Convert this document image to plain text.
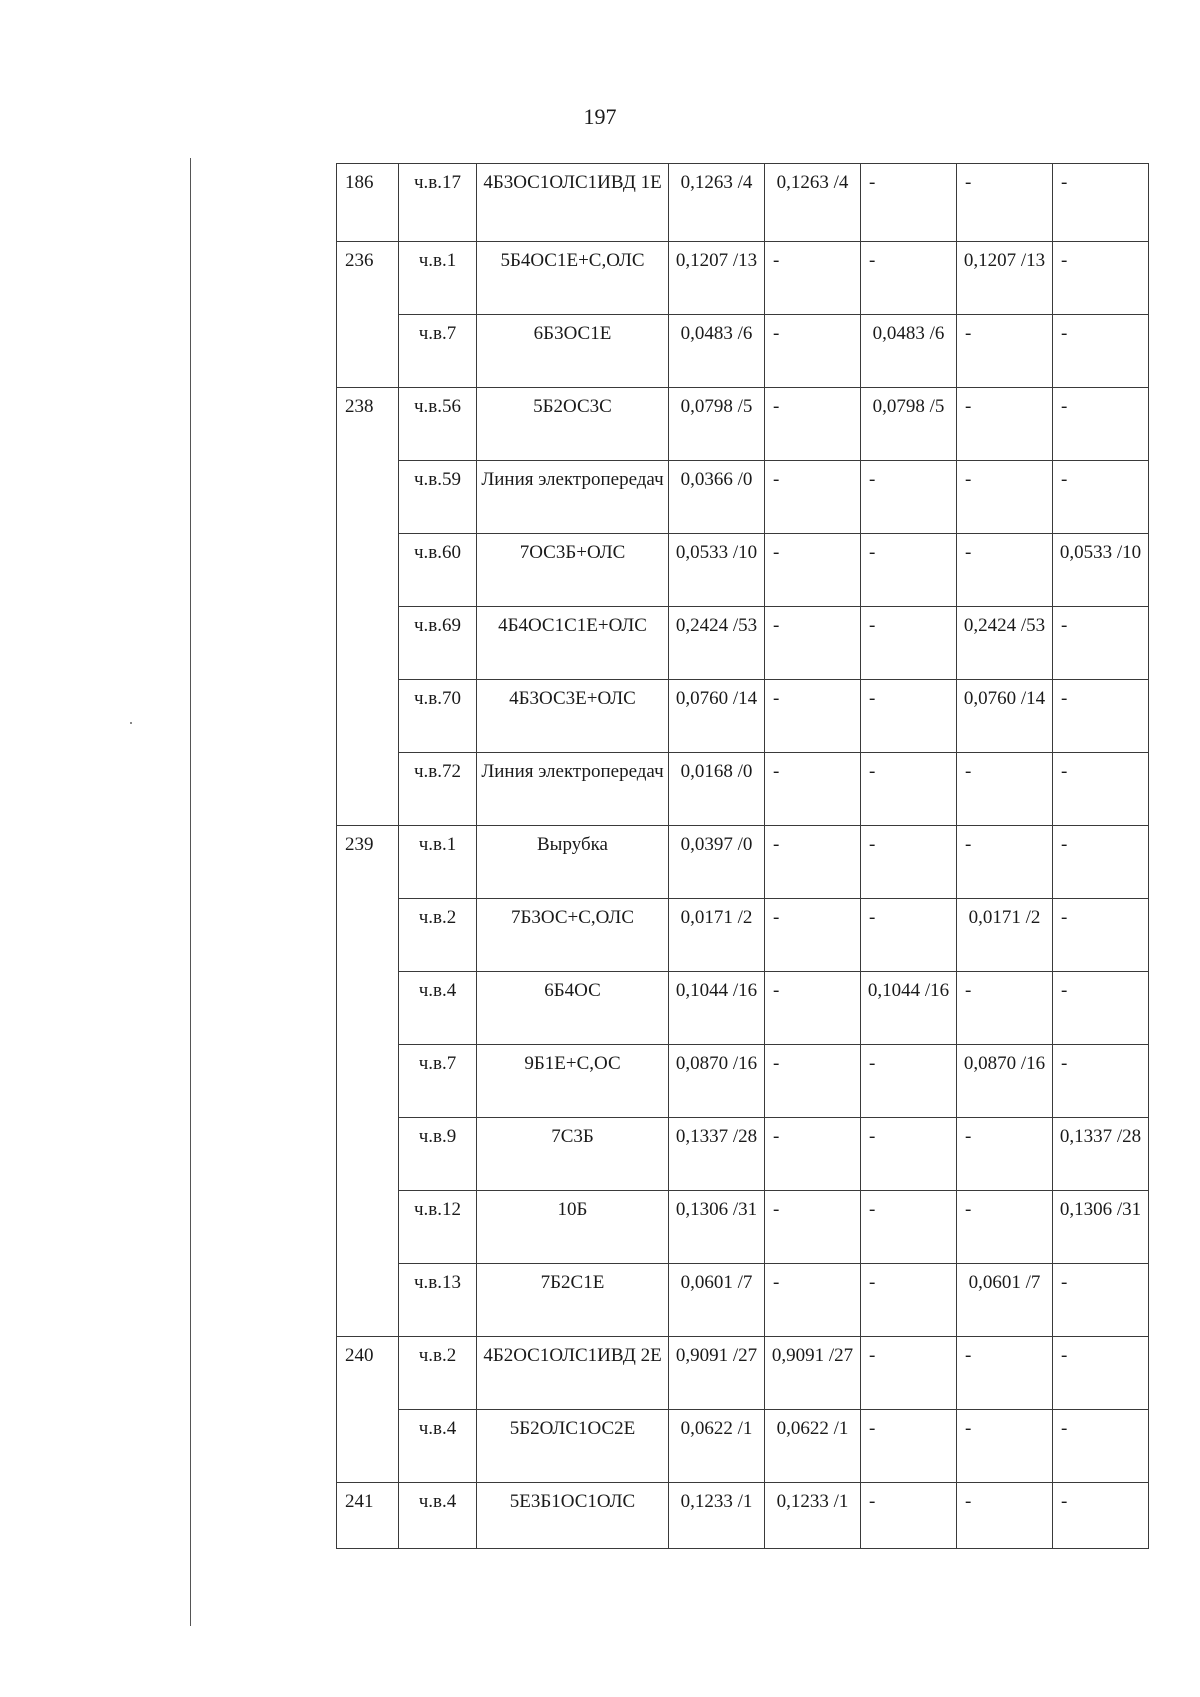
197
186	ч.в.17	4Б3ОС1ОЛС1ИВД 1Е	0,1263 /4	0,1263 /4	-	-	-
236	ч.в.1	5Б4ОС1Е+С,ОЛС	0,1207 /13	-	-	0,1207 /13	-
	ч.в.7	6Б3ОС1Е	0,0483 /6	-	0,0483 /6	-	-
238	ч.в.56	5Б2ОС3С	0,0798 /5	-	0,0798 /5	-	-
	ч.в.59	Линия электропередач	0,0366 /0	-	-	-	-
	ч.в.60	7ОС3Б+ОЛС	0,0533 /10	-	-	-	0,0533 /10
	ч.в.69	4Б4ОС1С1Е+ОЛС	0,2424 /53	-	-	0,2424 /53	-
	ч.в.70	4Б3ОС3Е+ОЛС	0,0760 /14	-	-	0,0760 /14	-
	ч.в.72	Линия электропередач	0,0168 /0	-	-	-	-
239	ч.в.1	Вырубка	0,0397 /0	-	-	-	-
	ч.в.2	7Б3ОС+С,ОЛС	0,0171 /2	-	-	0,0171 /2	-
	ч.в.4	6Б4ОС	0,1044 /16	-	0,1044 /16	-	-
	ч.в.7	9Б1Е+С,ОС	0,0870 /16	-	-	0,0870 /16	-
	ч.в.9	7С3Б	0,1337 /28	-	-	-	0,1337 /28
	ч.в.12	10Б	0,1306 /31	-	-	-	0,1306 /31
	ч.в.13	7Б2С1Е	0,0601 /7	-	-	0,0601 /7	-
240	ч.в.2	4Б2ОС1ОЛС1ИВД 2Е	0,9091 /27	0,9091 /27	-	-	-
	ч.в.4	5Б2ОЛС1ОС2Е	0,0622 /1	0,0622 /1	-	-	-
241	ч.в.4	5Е3Б1ОС1ОЛС	0,1233 /1	0,1233 /1	-	-	-
